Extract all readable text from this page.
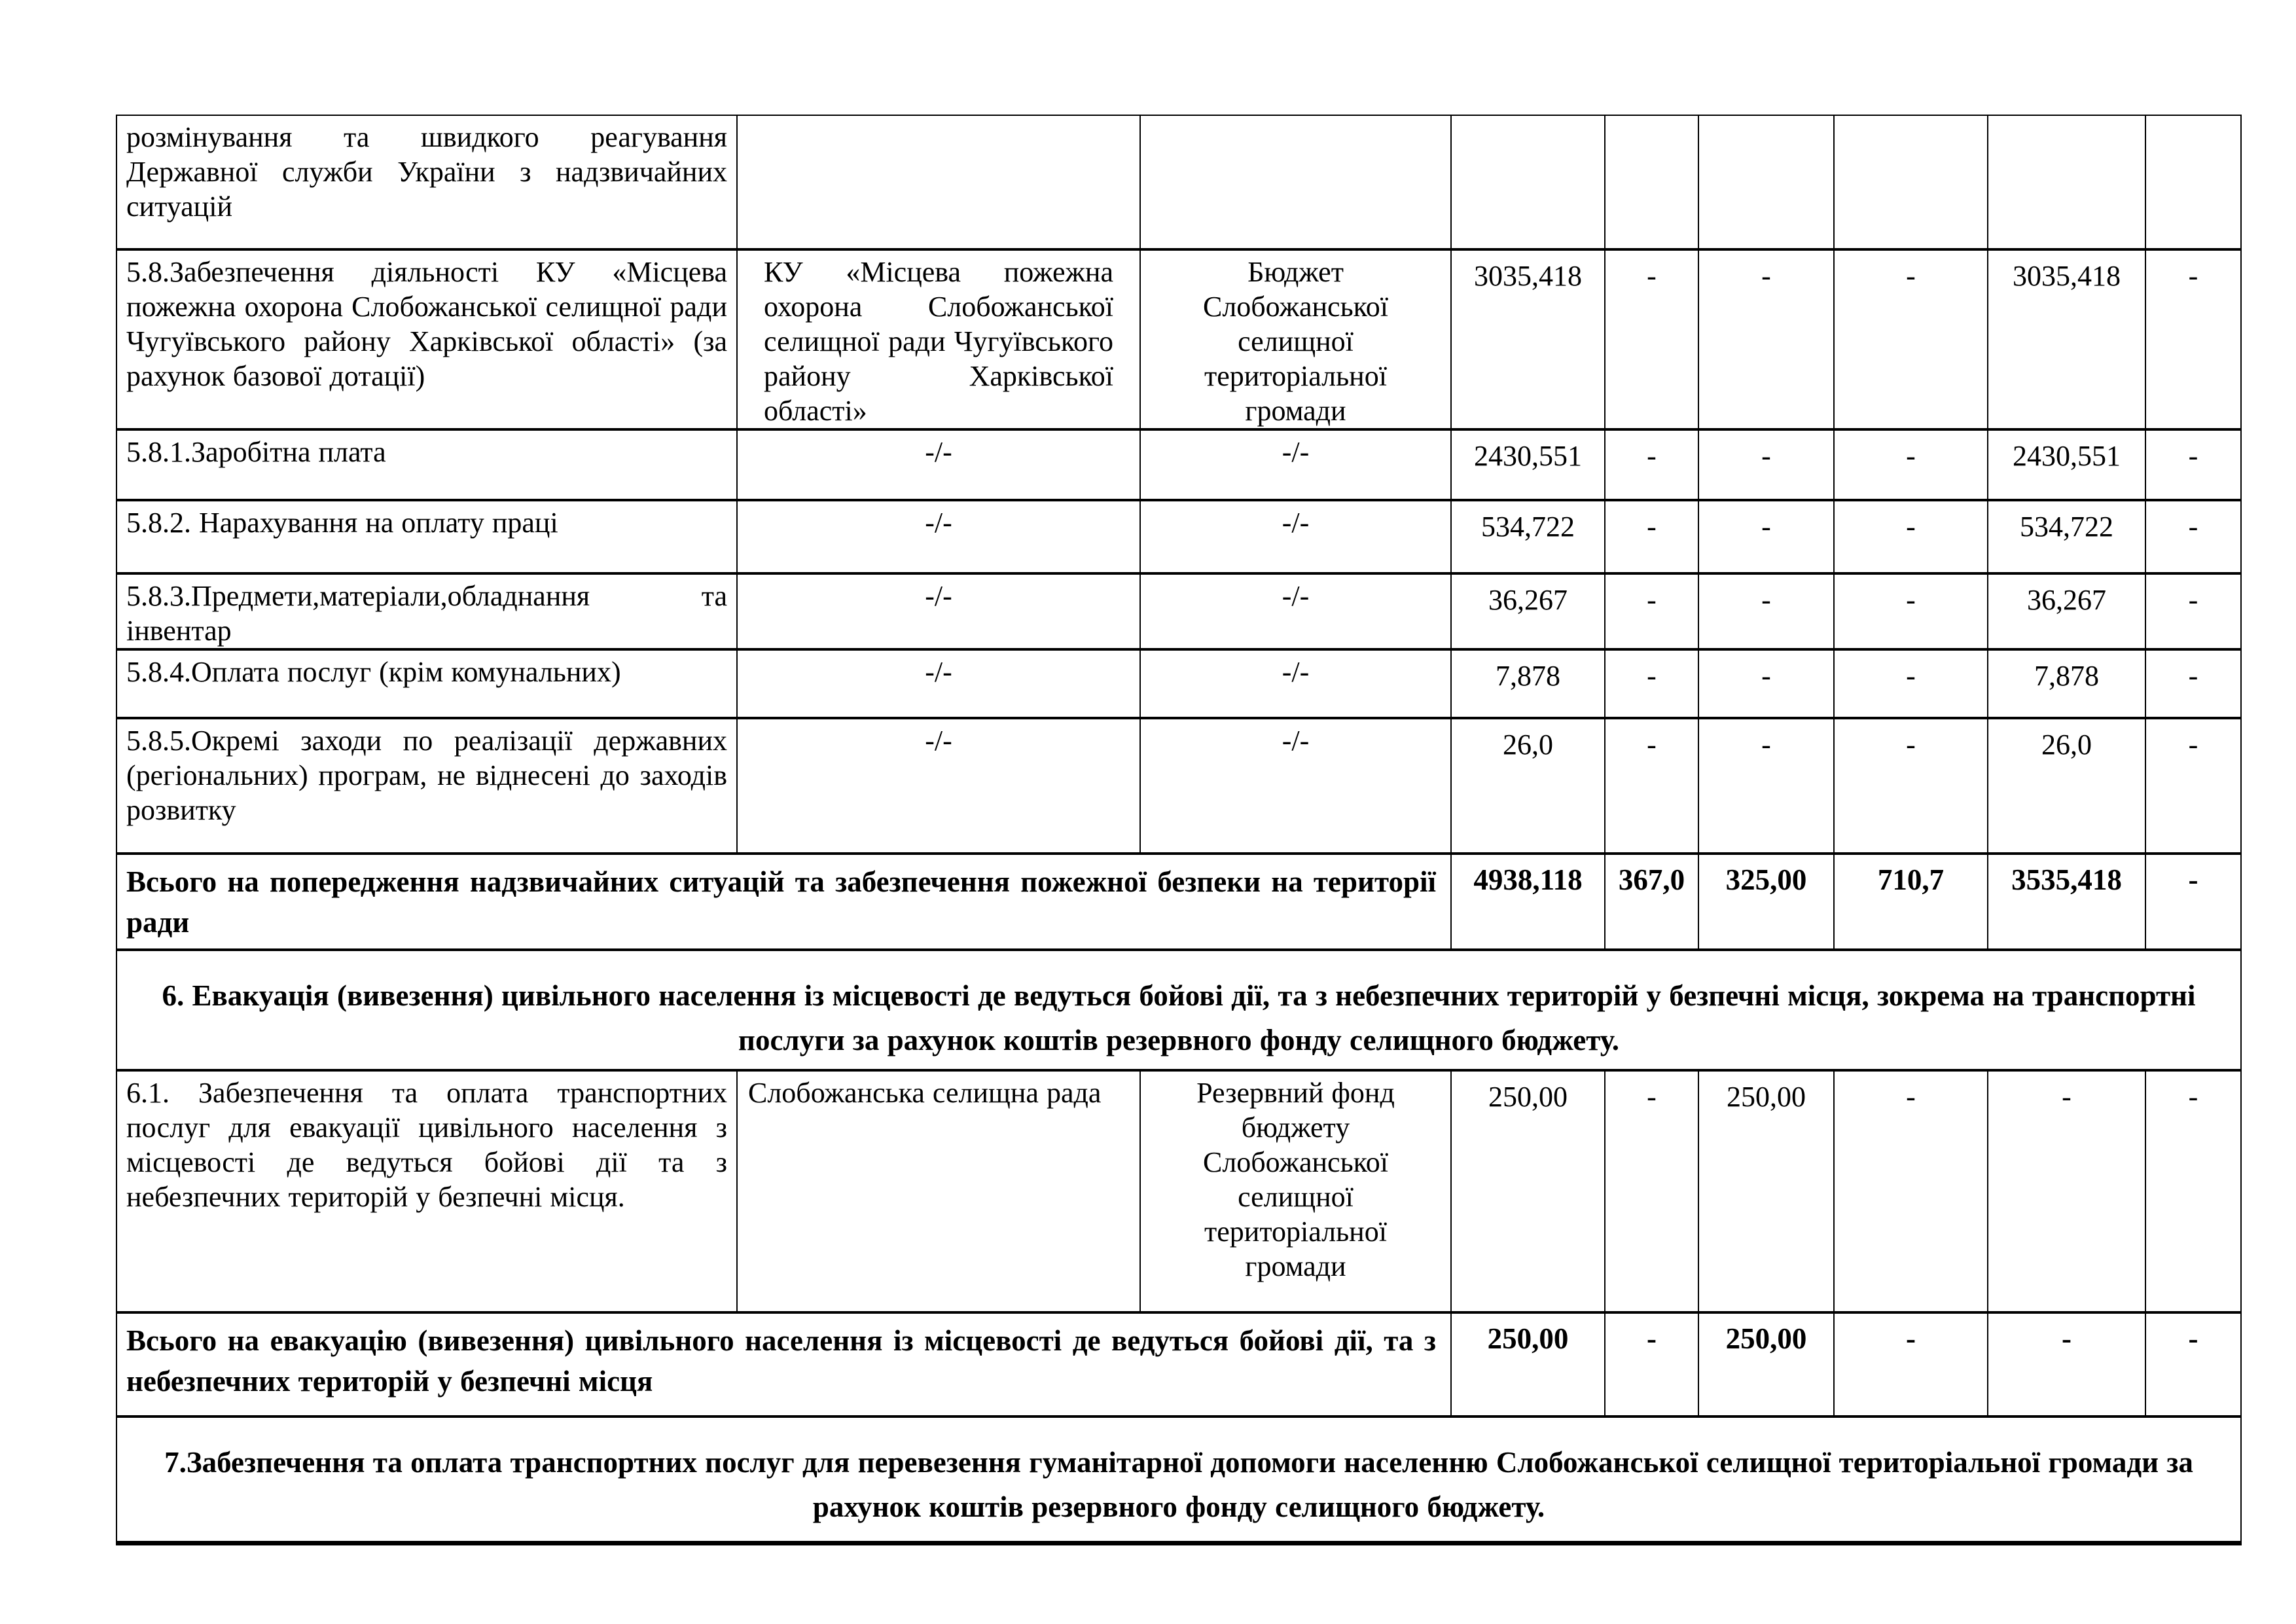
розмінування та швидкого реагування Державної служби України з надзвичайних ситуацій								
5.8.Забезпечення діяльності КУ «Місцева пожежна охорона Слобожанської селищної ради Чугуївського району Харківської області» (за рахунок базової дотації)	КУ «Місцева пожежна охорона Слобожанської селищної ради Чугуївського району Харківської області»	Бюджет Слобожанської селищної територіальної громади	3035,418	-	-	-	3035,418	-
5.8.1.Заробітна плата	-/-	-/-	2430,551	-	-	-	2430,551	-
5.8.2. Нарахування на оплату праці	-/-	-/-	534,722	-	-	-	534,722	-
5.8.3.Предмети,матеріали,обладнання та інвентар	-/-	-/-	36,267	-	-	-	36,267	-
5.8.4.Оплата послуг (крім комунальних)	-/-	-/-	7,878	-	-	-	7,878	-
5.8.5.Окремі заходи по реалізації державних (регіональних) програм, не віднесені до заходів розвитку	-/-	-/-	26,0	-	-	-	26,0	-
Всього на попередження надзвичайних ситуацій та забезпечення пожежної безпеки на території ради			4938,118	367,0	325,00	710,7	3535,418	-
6. Евакуація (вивезення) цивільного населення із місцевості де ведуться бойові дії, та з небезпечних територій у безпечні місця, зокрема на транспортні послуги за рахунок коштів резервного фонду селищного бюджету.								
6.1. Забезпечення та оплата транспортних послуг для евакуації цивільного населення з місцевості де ведуться бойові дії та з небезпечних територій у безпечні місця.	Слобожанська селищна рада	Резервний фонд бюджету Слобожанської селищної територіальної громади	250,00	-	250,00	-	-	-
Всього на евакуацію (вивезення) цивільного населення із місцевості де ведуться бойові дії, та з небезпечних територій у безпечні місця			250,00	-	250,00	-	-	-
7.Забезпечення та оплата транспортних послуг для перевезення гуманітарної допомоги населенню Слобожанської селищної територіальної громади за рахунок коштів резервного фонду селищного бюджету.								
